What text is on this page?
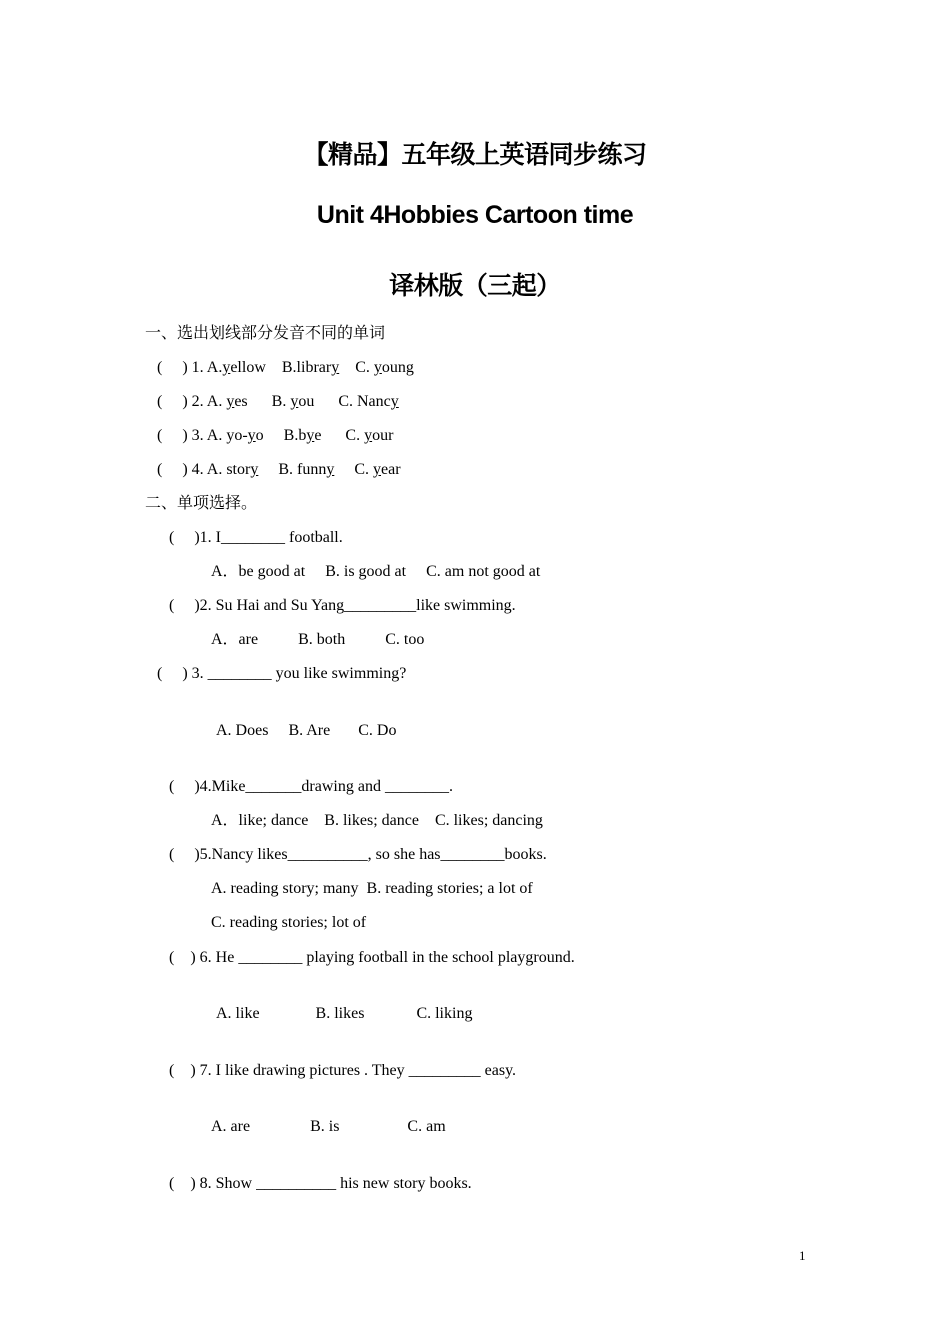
【精品】五年级上英语同步练习
Unit 4Hobbies Cartoon time
译林版（三起）
一、选出划线部分发音不同的单词
(     ) 1. A.yellow    B.library    C. young
(     ) 2. A. yes      B. you      C. Nancy
(     ) 3. A. yo-yo     B.bye      C. your
(     ) 4. A. story     B. funny     C. year
二、单项选择。
(     )1. I________ football.
A．be good at     B. is good at     C. am not good at
(     )2. Su Hai and Su Yang_________like swimming.
A．are          B. both          C. too
(     ) 3. ________ you like swimming?
A. Does     B. Are       C. Do
(     )4.Mike_______drawing and ________.
A．like; dance    B. likes; dance    C. likes; dancing
(     )5.Nancy likes__________, so she has________books.
A. reading story; many  B. reading stories; a lot of
C. reading stories; lot of
(    ) 6. He ________ playing football in the school playground.
A. like              B. likes             C. liking
(    ) 7. I like drawing pictures . They _________ easy.
A. are               B. is                 C. am
(    ) 8. Show __________ his new story books.
1
